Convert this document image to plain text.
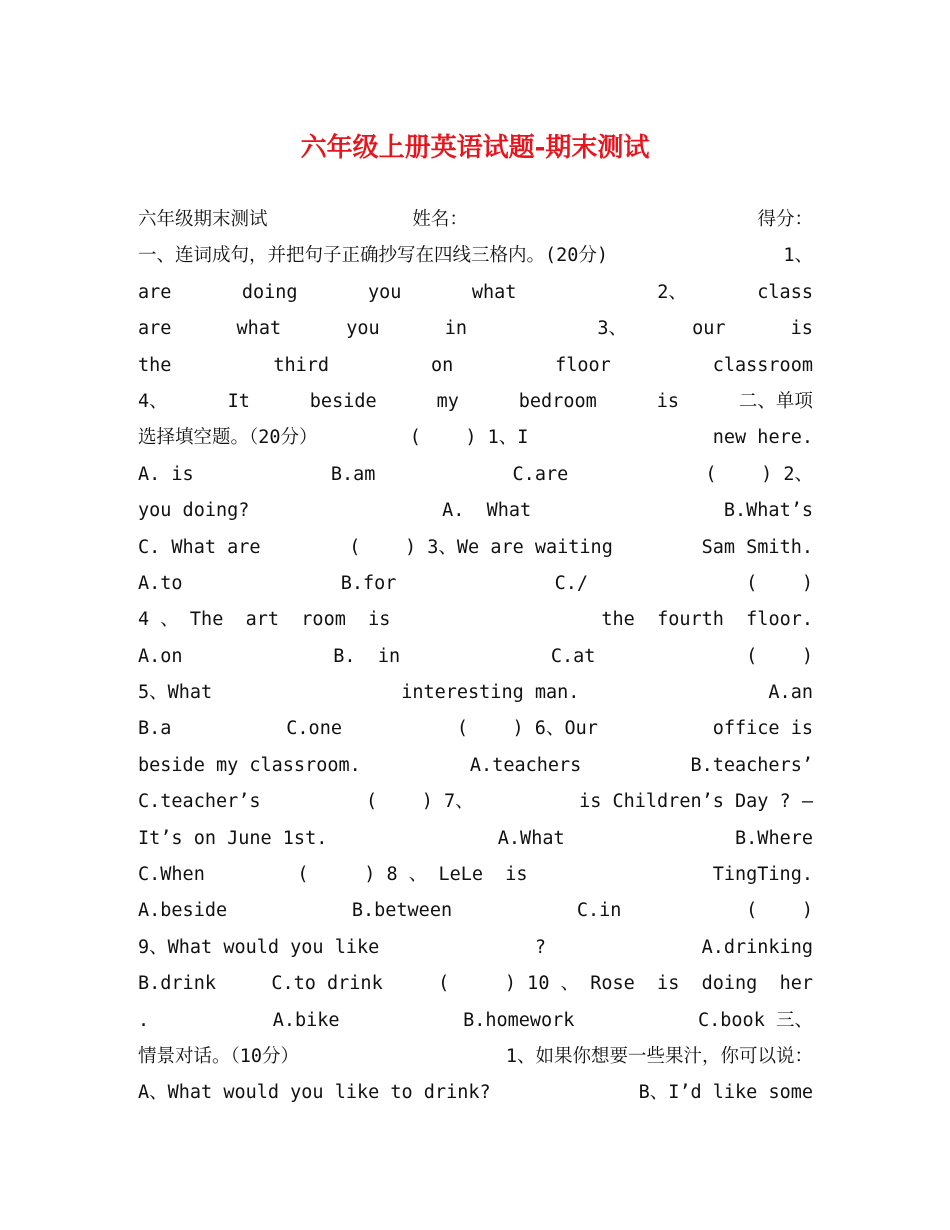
六年级上册英语试题-期末测试
六年级期末测试	姓名：	得分：
一、连词成句，并把句子正确抄写在四线三格内。(20分)	1、
are	doing	you	what	2、	class
are	what	you	in	3、	our	is
the	third	on	floor	classroom
4、	It	beside	my	bedroom	is	二、单项
选择填空题。（20分）	(    ) 1、I	new here.
A. is	B.am	C.are	(    ) 2、
you doing?	A.  What	B.What’s
C. What are	(    ) 3、We are waiting	Sam Smith.
A.to	B.for	C./	(    )
4 、 The  art  room  is	the  fourth  floor.
A.on	B.  in	C.at	(    )
5、What	interesting man.	A.an
B.a	C.one	(    ) 6、Our	office is
beside my classroom.	A.teachers	B.teachers’
C.teacher’s	(    ) 7、	is Children’s Day ? —
It’s on June 1st.	A.What	B.Where
C.When	(     ) 8 、 LeLe  is	TingTing.
A.beside	B.between	C.in	(    )
9、What would you like	?	A.drinking
B.drink	C.to drink	(     ) 10 、 Rose  is  doing  her
.	A.bike	B.homework	C.book 三、
情景对话。（10分）	1、如果你想要一些果汁，你可以说：
A、What would you like to drink?	B、I’d like some
